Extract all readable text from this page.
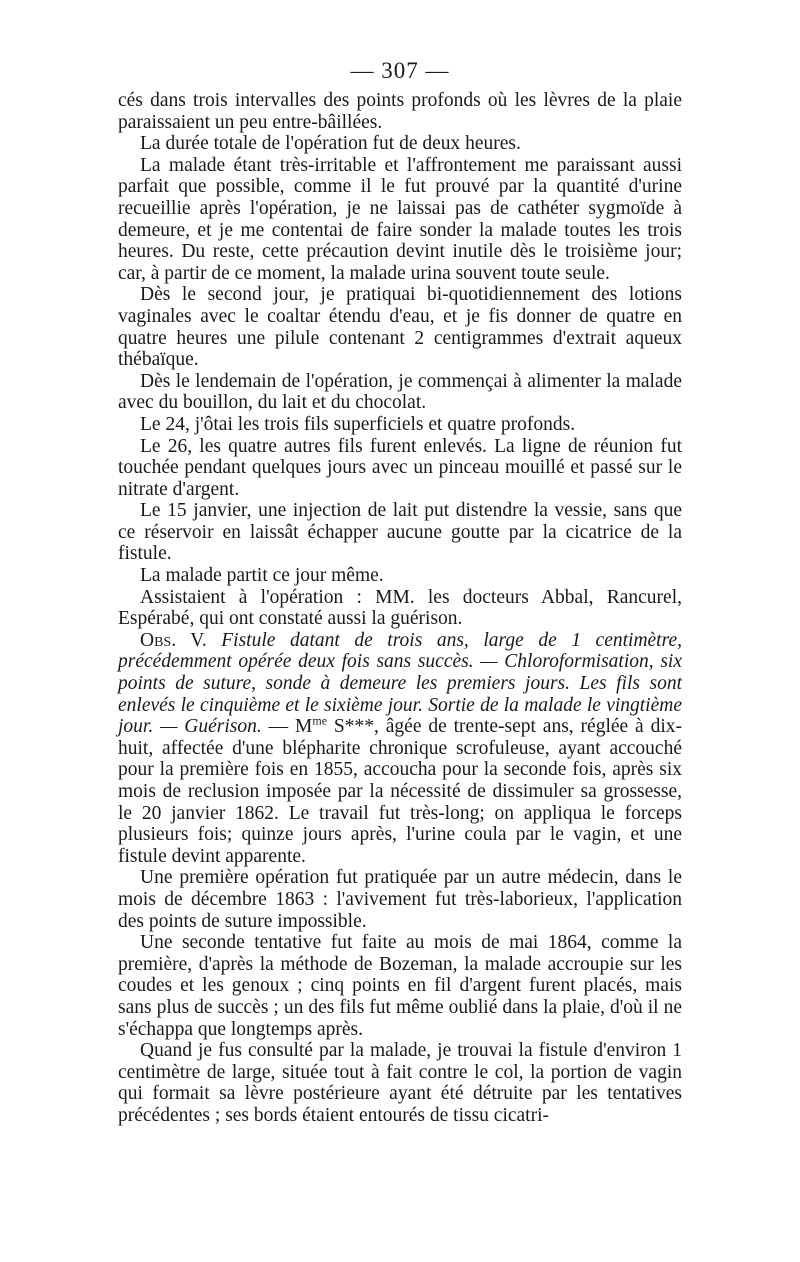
— 307 —

cés dans trois intervalles des points profonds où les lèvres de la plaie paraissaient un peu entre-bâillées.

La durée totale de l'opération fut de deux heures.

La malade étant très-irritable et l'affrontement me paraissant aussi parfait que possible, comme il le fut prouvé par la quantité d'urine recueillie après l'opération, je ne laissai pas de cathéter sygmoïde à demeure, et je me contentai de faire sonder la malade toutes les trois heures. Du reste, cette précaution devint inutile dès le troisième jour; car, à partir de ce moment, la malade urina souvent toute seule.

Dès le second jour, je pratiquai bi-quotidiennement des lotions vaginales avec le coaltar étendu d'eau, et je fis donner de quatre en quatre heures une pilule contenant 2 centigrammes d'extrait aqueux thébaïque.

Dès le lendemain de l'opération, je commençai à alimenter la malade avec du bouillon, du lait et du chocolat.

Le 24, j'ôtai les trois fils superficiels et quatre profonds.

Le 26, les quatre autres fils furent enlevés. La ligne de réunion fut touchée pendant quelques jours avec un pinceau mouillé et passé sur le nitrate d'argent.

Le 15 janvier, une injection de lait put distendre la vessie, sans que ce réservoir en laissât échapper aucune goutte par la cicatrice de la fistule.

La malade partit ce jour même.

Assistaient à l'opération : MM. les docteurs Abbal, Rancurel, Espérabé, qui ont constaté aussi la guérison.

Obs. V. Fistule datant de trois ans, large de 1 centimètre, précédemment opérée deux fois sans succès. — Chloroformisation, six points de suture, sonde à demeure les premiers jours. Les fils sont enlevés le cinquième et le sixième jour. Sortie de la malade le vingtième jour. — Guérison. — $M^{me}$ S***, âgée de trente-sept ans, réglée à dix-huit, affectée d'une blépharite chronique scrofuleuse, ayant accouché pour la première fois en 1855, accoucha pour la seconde fois, après six mois de reclusion imposée par la nécessité de dissimuler sa grossesse, le 20 janvier 1862. Le travail fut très-long; on appliqua le forceps plusieurs fois; quinze jours après, l'urine coula par le vagin, et une fistule devint apparente.

Une première opération fut pratiquée par un autre médecin, dans le mois de décembre 1863 : l'avivement fut très-laborieux, l'application des points de suture impossible.

Une seconde tentative fut faite au mois de mai 1864, comme la première, d'après la méthode de Bozeman, la malade accroupie sur les coudes et les genoux ; cinq points en fil d'argent furent placés, mais sans plus de succès ; un des fils fut même oublié dans la plaie, d'où il ne s'échappa que longtemps après.

Quand je fus consulté par la malade, je trouvai la fistule d'environ 1 centimètre de large, située tout à fait contre le col, la portion de vagin qui formait sa lèvre postérieure ayant été détruite par les tentatives précédentes ; ses bords étaient entourés de tissu cicatri-
